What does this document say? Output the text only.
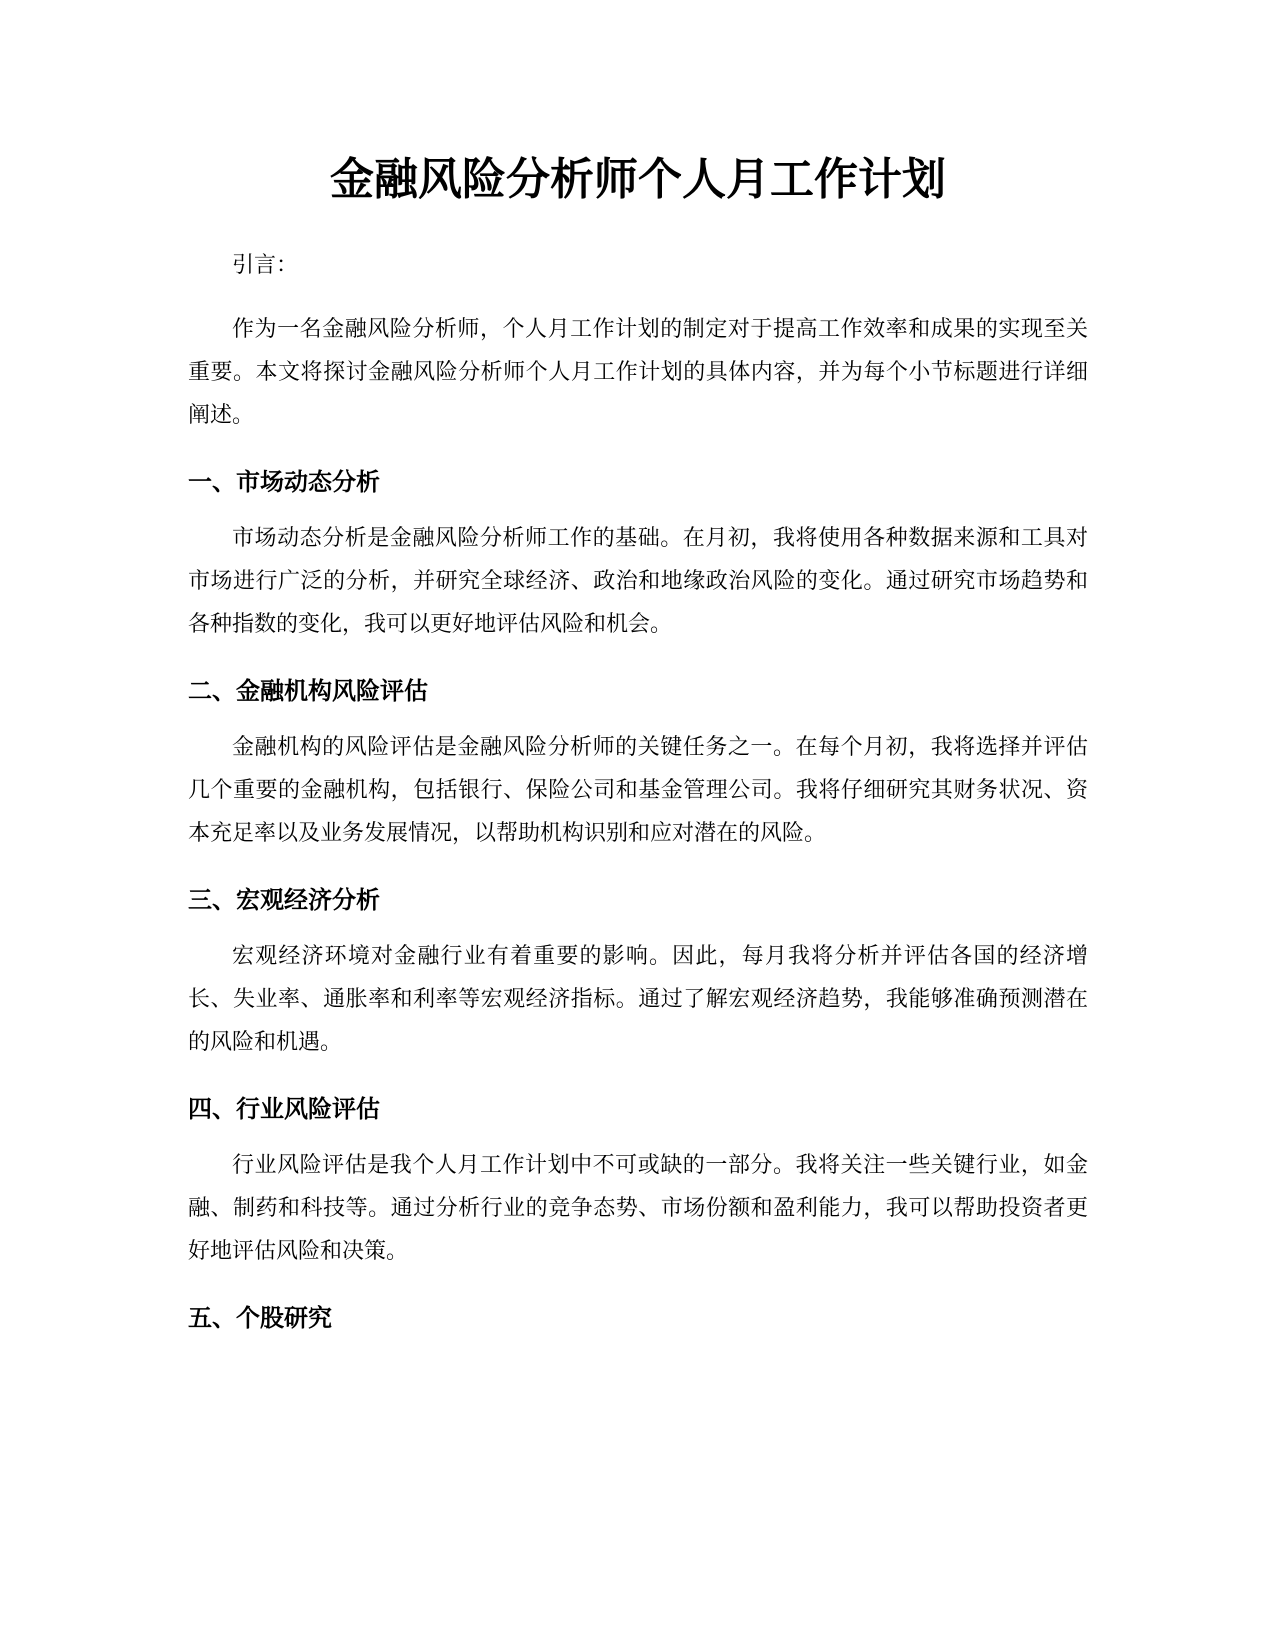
金融风险分析师个人月工作计划

引言：

作为一名金融风险分析师，个人月工作计划的制定对于提高工作效率和成果的实现至关重要。本文将探讨金融风险分析师个人月工作计划的具体内容，并为每个小节标题进行详细阐述。

一、市场动态分析

市场动态分析是金融风险分析师工作的基础。在月初，我将使用各种数据来源和工具对市场进行广泛的分析，并研究全球经济、政治和地缘政治风险的变化。通过研究市场趋势和各种指数的变化，我可以更好地评估风险和机会。

二、金融机构风险评估

金融机构的风险评估是金融风险分析师的关键任务之一。在每个月初，我将选择并评估几个重要的金融机构，包括银行、保险公司和基金管理公司。我将仔细研究其财务状况、资本充足率以及业务发展情况，以帮助机构识别和应对潜在的风险。

三、宏观经济分析

宏观经济环境对金融行业有着重要的影响。因此，每月我将分析并评估各国的经济增长、失业率、通胀率和利率等宏观经济指标。通过了解宏观经济趋势，我能够准确预测潜在的风险和机遇。

四、行业风险评估

行业风险评估是我个人月工作计划中不可或缺的一部分。我将关注一些关键行业，如金融、制药和科技等。通过分析行业的竞争态势、市场份额和盈利能力，我可以帮助投资者更好地评估风险和决策。

五、个股研究
